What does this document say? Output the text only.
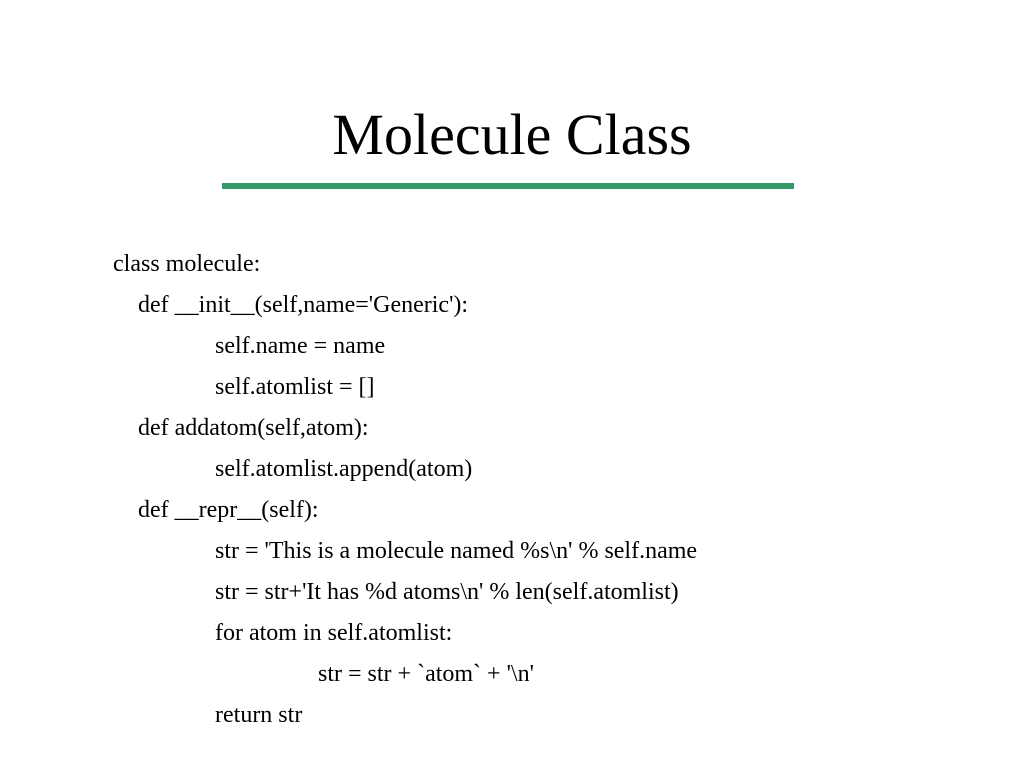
Molecule Class
class molecule:
def __init__(self,name='Generic'):
self.name = name
self.atomlist = []
def addatom(self,atom):
self.atomlist.append(atom)
def __repr__(self):
str = 'This is a molecule named %s\n' % self.name
str = str+'It has %d atoms\n' % len(self.atomlist)
for atom in self.atomlist:
str = str + `atom` + '\n'
return str
